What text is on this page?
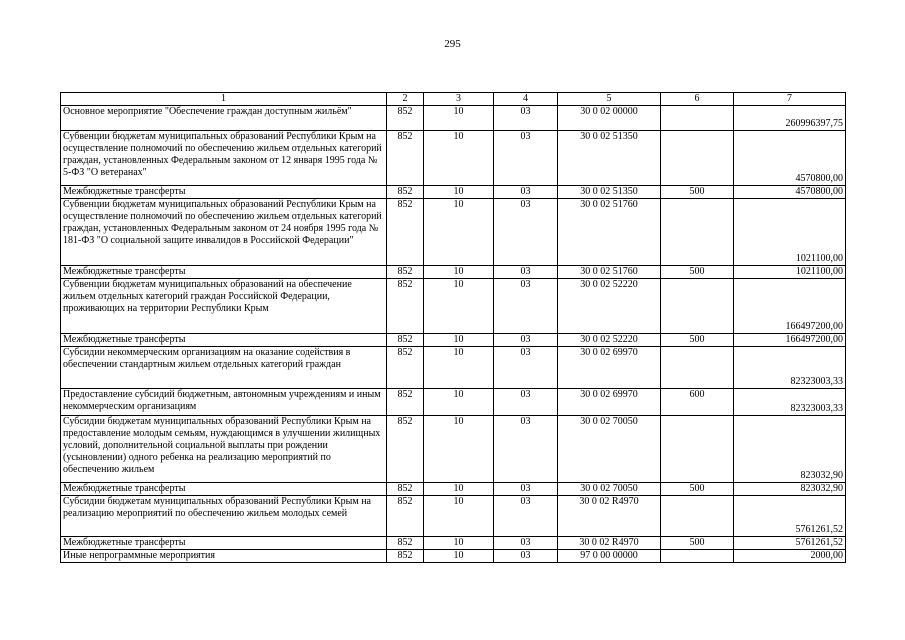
295
1	2	3	4	5	6	7
Основное мероприятие "Обеспечение граждан доступным жильём"	852	10	03	30 0 02 00000		260996397,75
Субвенции бюджетам муниципальных образований Республики Крым на осуществление полномочий по обеспечению жильем отдельных категорий граждан, установленных Федеральным законом от 12 января 1995 года № 5-ФЗ "О ветеранах"	852	10	03	30 0 02 51350		4570800,00
Межбюджетные трансферты	852	10	03	30 0 02 51350	500	4570800,00
Субвенции бюджетам муниципальных образований Республики Крым на осуществление полномочий по обеспечению жильем отдельных категорий граждан, установленных Федеральным законом от 24 ноября 1995 года № 181-ФЗ "О социальной защите инвалидов в Российской Федерации"	852	10	03	30 0 02 51760		1021100,00
Межбюджетные трансферты	852	10	03	30 0 02 51760	500	1021100,00
Субвенции бюджетам муниципальных образований на обеспечение жильем отдельных категорий граждан Российской Федерации, проживающих на территории Республики Крым	852	10	03	30 0 02 52220		166497200,00
Межбюджетные трансферты	852	10	03	30 0 02 52220	500	166497200,00
Субсидии некоммерческим организациям на оказание содействия в обеспечении стандартным жильем отдельных категорий граждан	852	10	03	30 0 02 69970		82323003,33
Предоставление субсидий бюджетным, автономным учреждениям и иным некоммерческим организациям	852	10	03	30 0 02 69970	600	82323003,33
Субсидии бюджетам муниципальных образований Республики Крым на предоставление молодым семьям, нуждающимся в улучшении жилищных условий, дополнительной социальной выплаты при рождении (усыновлении) одного ребенка на реализацию мероприятий по обеспечению жильем	852	10	03	30 0 02 70050		823032,90
Межбюджетные трансферты	852	10	03	30 0 02 70050	500	823032,90
Субсидии бюджетам муниципальных образований Республики Крым на реализацию мероприятий по обеспечению жильем молодых семей	852	10	03	30 0 02 R4970		5761261,52
Межбюджетные трансферты	852	10	03	30 0 02 R4970	500	5761261,52
Иные непрограммные мероприятия	852	10	03	97 0 00 00000		2000,00
